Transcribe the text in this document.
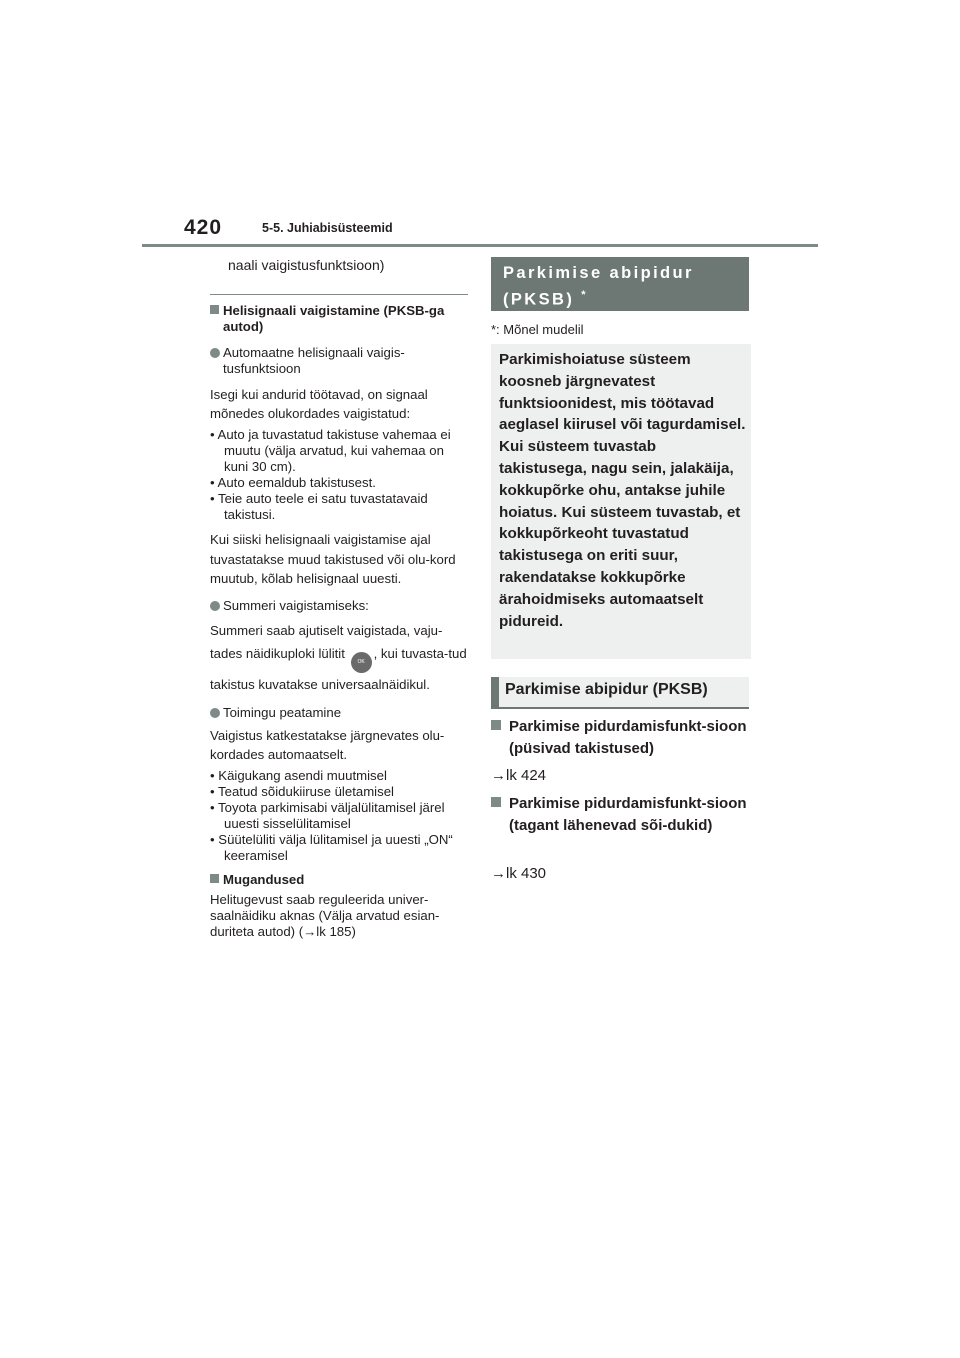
420	5-5. Juhiabisüsteemid
naali vaigistusfunktsioon)

Helisignaali vaigistamine (PKSB-ga autod)

Automaatne helisignaali vaigis-tusfunktsioon

Isegi kui andurid töötavad, on signaal mõnedes olukordades vaigistatud:

• Auto ja tuvastatud takistuse vahemaa ei muutu (välja arvatud, kui vahemaa on kuni 30 cm).

• Auto eemaldub takistusest.

• Teie auto teele ei satu tuvastatavaid takistusi.

Kui siiski helisignaali vaigistamise ajal tuvastatakse muud takistused või olu-kord muutub, kõlab helisignaal uuesti.

Summeri vaigistamiseks:

Summeri saab ajutiselt vaigistada, vaju-tades näidikuploki lülitit OK, kui tuvasta-tud takistus kuvatakse universaalnäidikul.

Toimingu peatamine

Vaigistus katkestatakse järgnevates olu-kordades automaatselt.

• Käigukang asendi muutmisel

• Teatud sõidukiiruse ületamisel

• Toyota parkimisabi väljalülitamisel järel uuesti sisselülitamisel

• Süütelüliti välja lülitamisel ja uuesti „ON“ keeramisel

Mugandused

Helitugevust saab reguleerida univer-saalnäidiku aknas (Välja arvatud esian-duriteta autod) (→lk 185)

Parkimise abipidur (PKSB) *
*: Mõnel mudelil
Parkimishoiatuse süsteem koosneb järgnevatest funktsioonidest, mis töötavad aeglasel kiirusel või tagurdamisel. Kui süsteem tuvastab takistusega, nagu sein, jalakäija, kokkupõrke ohu, antakse juhile hoiatus. Kui süsteem tuvastab, et kokkupõrkeoht tuvastatud takistusega on eriti suur, rakendatakse kokkupõrke ärahoidmiseks automaatselt pidureid.
Parkimise abipidur (PKSB)
Parkimise pidurdamisfunkt-sioon (püsivad takistused)
→lk 424
Parkimise pidurdamisfunkt-sioon (tagant lähenevad sõi-dukid)
→lk 430
